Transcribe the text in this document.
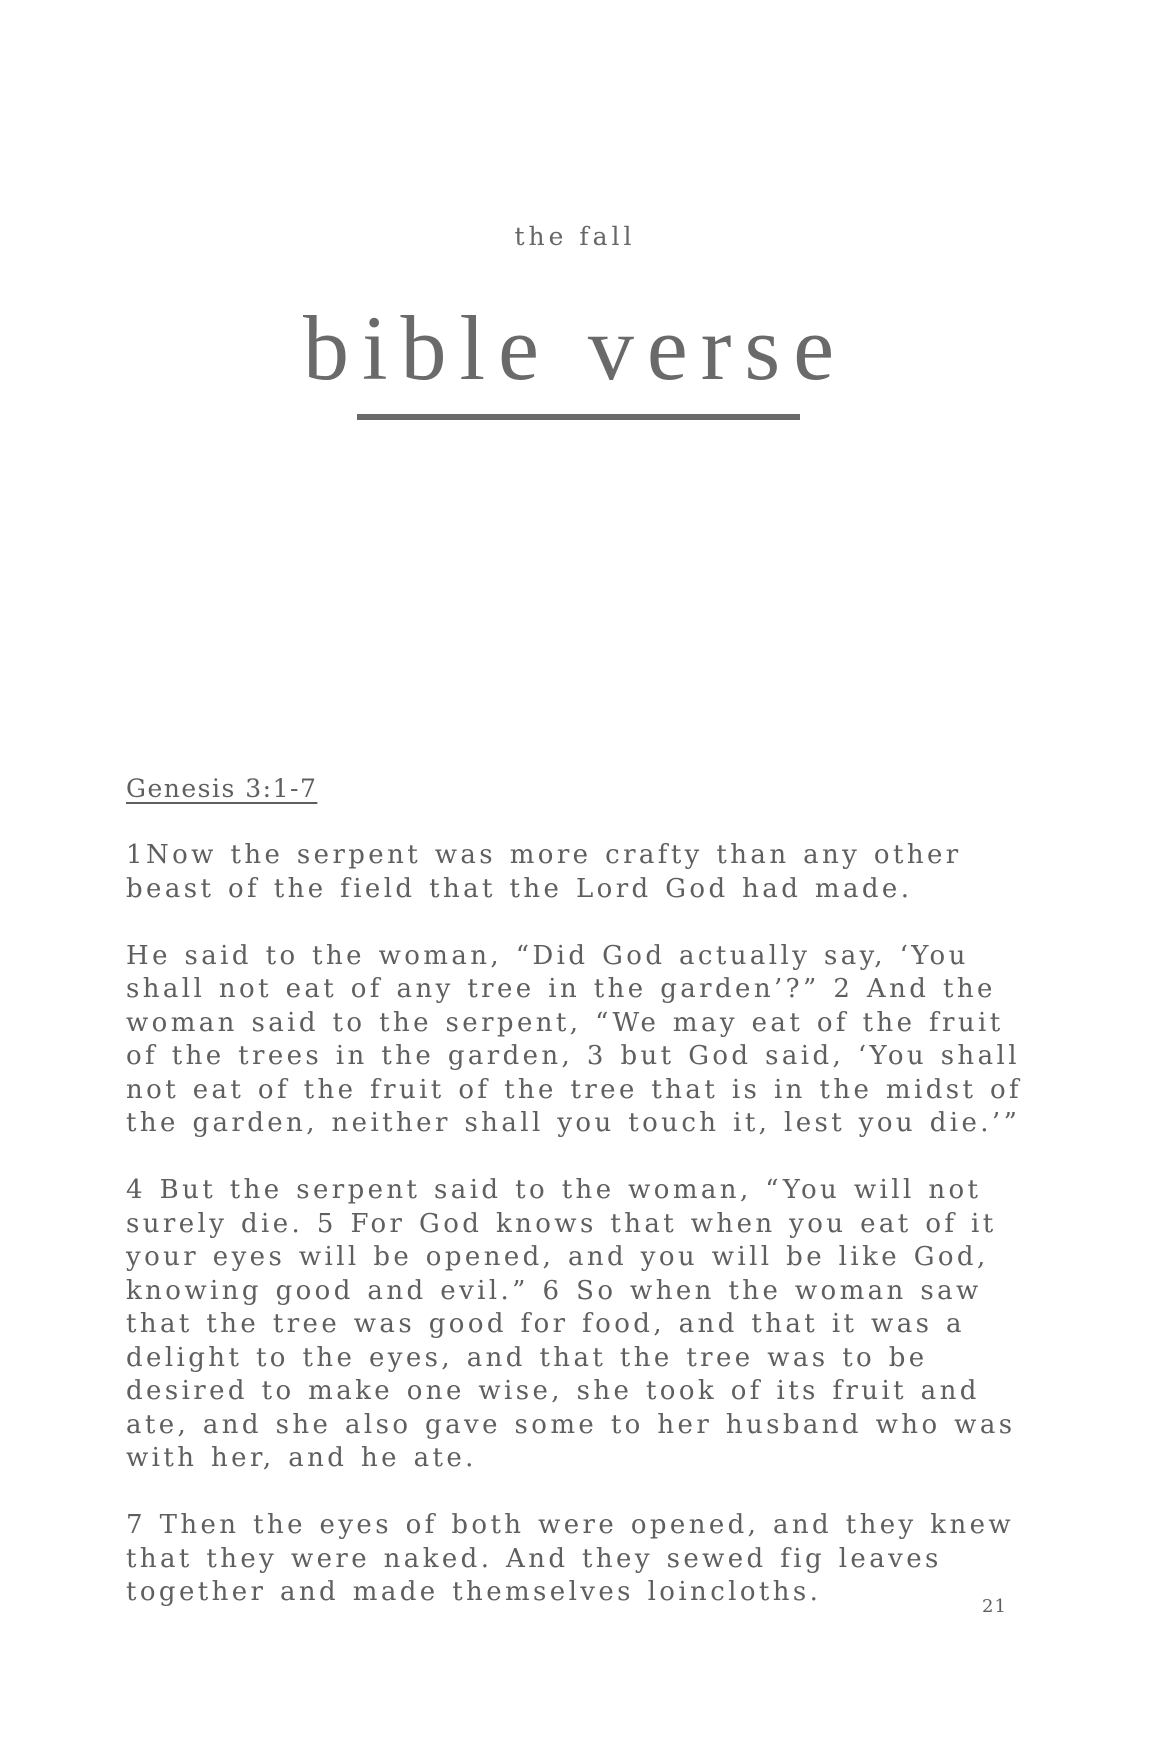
the fall
bible verse
Genesis 3:1-7

1Now the serpent was more crafty than any other beast of the field that the Lord God had made.

He said to the woman, “Did God actually say, ‘You shall not eat of any tree in the garden’?” 2 And the woman said to the serpent, “We may eat of the fruit of the trees in the garden, 3 but God said, ‘You shall not eat of the fruit of the tree that is in the midst of the garden, neither shall you touch it, lest you die.’”

4 But the serpent said to the woman, “You will not surely die. 5 For God knows that when you eat of it your eyes will be opened, and you will be like God, knowing good and evil.” 6 So when the woman saw that the tree was good for food, and that it was a delight to the eyes, and that the tree was to be desired to make one wise, she took of its fruit and ate, and she also gave some to her husband who was with her, and he ate.

7 Then the eyes of both were opened, and they knew that they were naked. And they sewed fig leaves together and made themselves loincloths.	21
